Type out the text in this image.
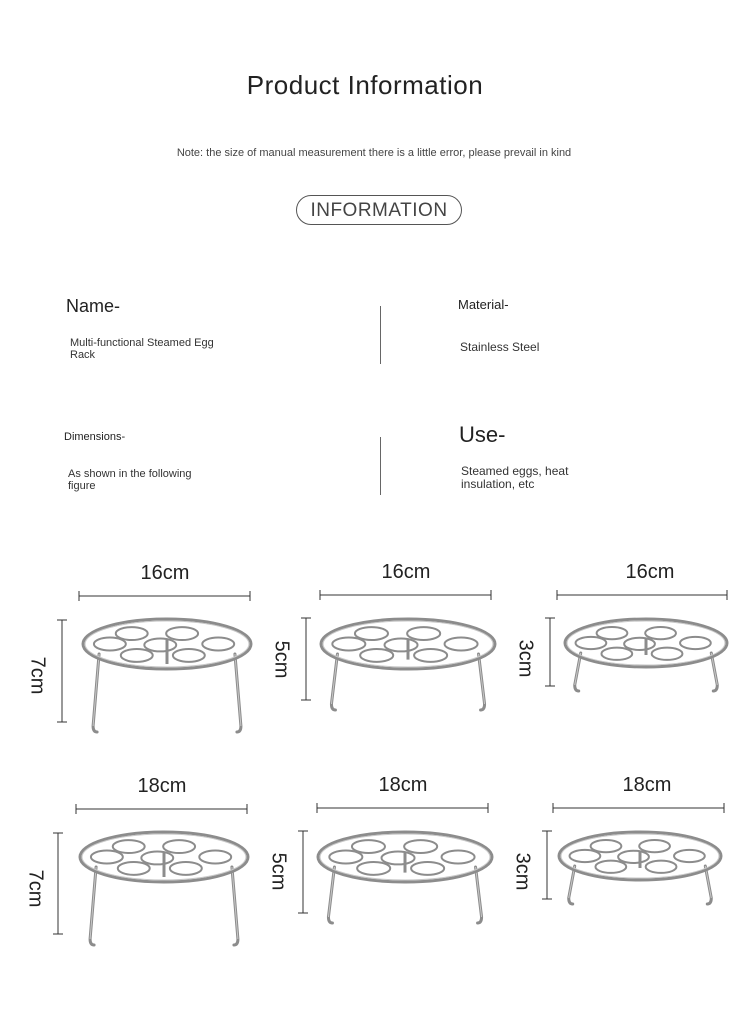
Product Information
Note: the size of manual measurement there is a little error, please prevail in kind
INFORMATION
Name-
Multi-functional Steamed Egg
Rack
Material-
Stainless Steel
Dimensions-
As shown in the following
figure
Use-
Steamed eggs, heat
insulation, etc
16cm	16cm	16cm
18cm	18cm	18cm
7cm	5cm	3cm
7cm	5cm	3cm
